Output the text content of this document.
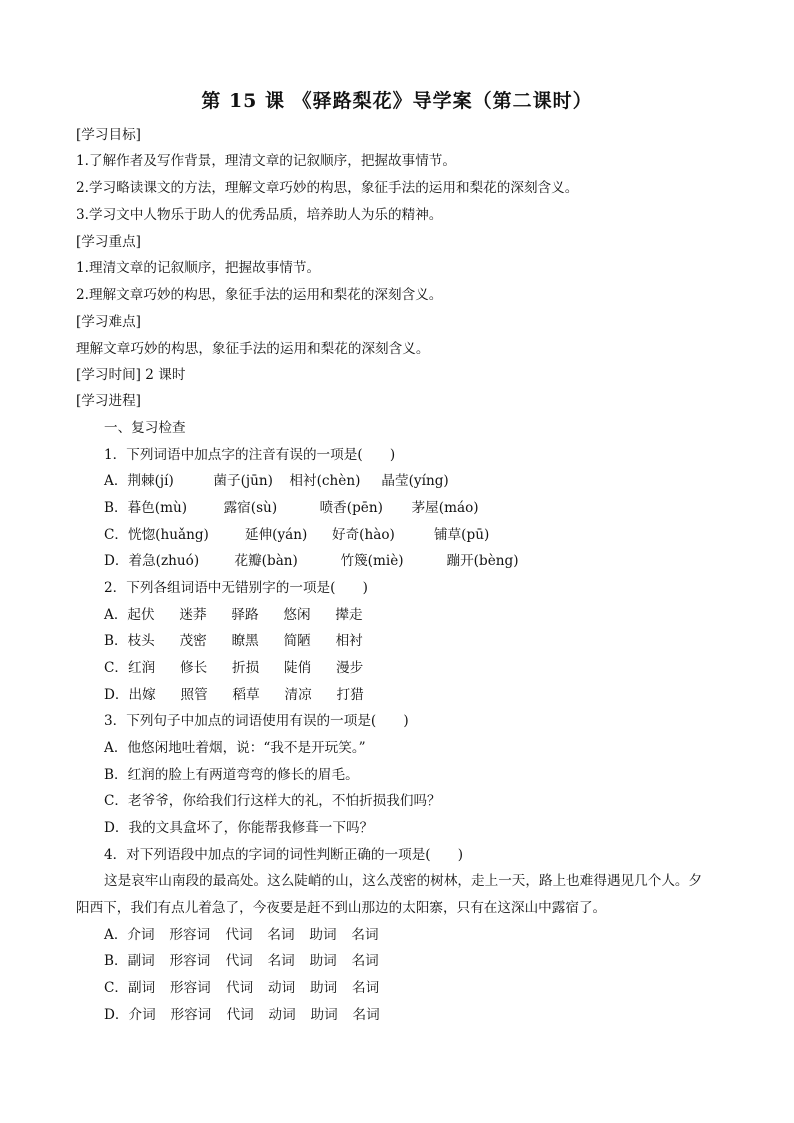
第 15 课 《驿路梨花》导学案（第二课时）
[学习目标]
1.了解作者及写作背景，理清文章的记叙顺序，把握故事情节。
2.学习略读课文的方法，理解文章巧妙的构思，象征手法的运用和梨花的深刻含义。
3.学习文中人物乐于助人的优秀品质，培养助人为乐的精神。
[学习重点]
1.理清文章的记叙顺序，把握故事情节。
2.理解文章巧妙的构思，象征手法的运用和梨花的深刻含义。
[学习难点]
理解文章巧妙的构思，象征手法的运用和梨花的深刻含义。
[学习时间] 2 课时
[学习进程]
一、复习检查
1．下列词语中加点字的注音有误的一项是(　　)
A．荆棘(jí)	菌子(jūn) 相衬(chèn) 晶莹(yíng)
B．暮色(mù)	露宿(sù)	喷香(pēn) 茅屋(máo)
C．恍惚(huǎng)	延伸(yán) 好奇(hào)	铺草(pū)
D．着急(zhuó)	花瓣(bàn)	竹篾(miè)	蹦开(bèng)
2．下列各组词语中无错别字的一项是(　　)
A．起伏 迷莽 驿路 悠闲 撵走
B．枝头 茂密 瞭黑 简陋 相衬
C．红润 修长 折损 陡俏 漫步
D．出嫁 照管 稻草 清凉 打猎
3．下列句子中加点的词语使用有误的一项是(　　)
A．他悠闲地吐着烟，说：“我不是开玩笑。”
B．红润的脸上有两道弯弯的修长的眉毛。
C．老爷爷，你给我们行这样大的礼，不怕折损我们吗？
D．我的文具盒坏了，你能帮我修葺一下吗？
4．对下列语段中加点的字词的词性判断正确的一项是(　　)
这是哀牢山南段的最高处。这么陡峭的山，这么茂密的树林，走上一天，路上也难得遇见几个人。夕
阳西下，我们有点儿着急了，今夜要是赶不到山那边的太阳寨，只有在这深山中露宿了。
A．介词 形容词 代词 名词 助词 名词
B．副词 形容词 代词 名词 助词 名词
C．副词 形容词 代词 动词 助词 名词
D．介词 形容词 代词 动词 助词 名词
